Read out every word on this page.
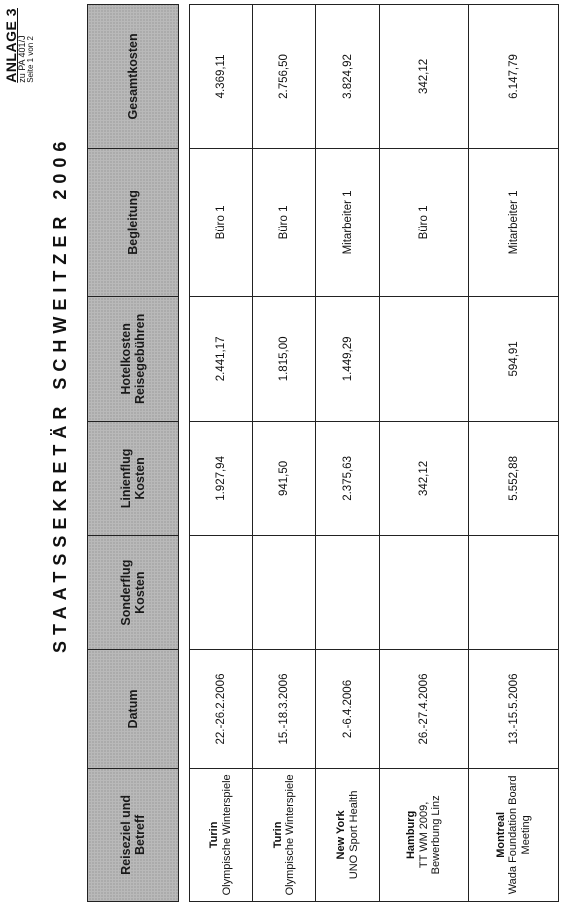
ANLAGE 3
zu PA 401/J Seite 1 von 2
STAATSSEKRETÄR SCHWEITZER 2006
Reiseziel und Betreff	Datum	Sonderflug Kosten	Linienflug Kosten	Hotelkosten Reisegebühren	Begleitung	Gesamtkosten

Turin Olympische Winterspiele	22.-26.2.2006		1.927,94	2.441,17	Büro 1	4.369,11

Turin Olympische Winterspiele	15.-18.3.2006		941,50	1.815,00	Büro 1	2.756,50

New York UNO Sport Health	2.-6.4.2006		2.375,63	1.449,29	Mitarbeiter 1	3.824,92

Hamburg TT WM 2009, Bewerbung Linz	26.-27.4.2006		342,12		Büro 1	342,12

Montreal Wada Foundation Board Meeting	13.-15.5.2006		5.552,88	594,91	Mitarbeiter 1	6.147,79
